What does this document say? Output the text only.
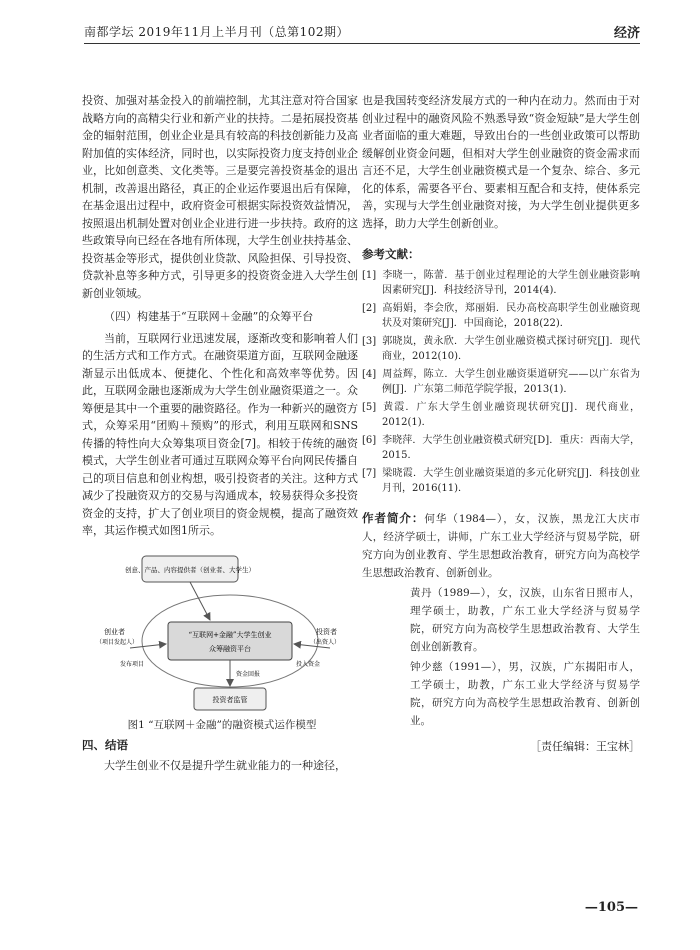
南都学坛 2019年11月上半月刊（总第102期）	经济

投资、加强对基金投入的前端控制，尤其注意对符合国家战略方向的高精尖行业和新产业的扶持。二是拓展投资基金的辐射范围，创业企业是具有较高的科技创新能力及高附加值的实体经济，同时也，以实际投资力度支持创业企业，比如创意类、文化类等。三是要完善投资基金的退出机制，改善退出路径，真正的企业运作要退出后有保障，在基金退出过程中，政府资金可根据实际投资效益情况，按照退出机制处置对创业企业进行进一步扶持。政府的这些政策导向已经在各地有所体现，大学生创业扶持基金、投资基金等形式，提供创业贷款、风险担保、引导投资、贷款补息等多种方式，引导更多的投资资金进入大学生创新创业领域。

（四）构建基于“互联网＋金融”的众筹平台

当前，互联网行业迅速发展，逐渐改变和影响着人们的生活方式和工作方式。在融资渠道方面，互联网金融逐渐显示出低成本、便捷化、个性化和高效率等优势。因此，互联网金融也逐渐成为大学生创业融资渠道之一。众筹便是其中一个重要的融资路径。作为一种新兴的融资方式，众筹采用“团购＋预购”的形式，利用互联网和SNS传播的特性向大众筹集项目资金[7]。相较于传统的融资模式，大学生创业者可通过互联网众筹平台向网民传播自己的项目信息和创业构想，吸引投资者的关注。这种方式减少了投融资双方的交易与沟通成本，较易获得众多投资资金的支持，扩大了创业项目的资金规模，提高了融资效率，其运作模式如图1所示。

创意、产品、内容提供者（创业者、大学生）
“互联网+金融”大学生创业
众筹融资平台
创业者
（项目发起人）
投资者
（出资人）
投资者监管
发布项目	投入资金
资金回报
图1 “互联网＋金融”的融资模式运作模型
四、结语

大学生创业不仅是提升学生就业能力的一种途径，

也是我国转变经济发展方式的一种内在动力。然而由于对创业过程中的融资风险不熟悉导致“资金短缺”是大学生创业者面临的重大难题，导致出台的一些创业政策可以帮助缓解创业资金问题，但相对大学生创业融资的资金需求而言还不足，大学生创业融资模式是一个复杂、综合、多元化的体系，需要各平台、要素相互配合和支持，使体系完善，实现与大学生创业融资对接，为大学生创业提供更多选择，助力大学生创新创业。

参考文献：
[1] 李晓一，陈蕾．基于创业过程理论的大学生创业融资影响因素研究[J]．科技经济导刊，2014(4)．
[2] 高娟娟，李会欣，郑丽娟．民办高校高职学生创业融资现状及对策研究[J]．中国商论，2018(22)．
[3] 郭晓岚，黄永欣．大学生创业融资模式探讨研究[J]．现代商业，2012(10)．
[4] 周益辉，陈立．大学生创业融资渠道研究——以广东省为例[J]．广东第二师范学院学报，2013(1)．
[5] 黄霞．广东大学生创业融资现状研究[J]．现代商业，2012(1)．
[6] 李晓萍．大学生创业融资模式研究[D]．重庆：西南大学，2015．
[7] 梁晓霞．大学生创业融资渠道的多元化研究[J]．科技创业月刊，2016(11)．
作者简介：何华（1984—），女，汉族，黑龙江大庆市人，经济学硕士，讲师，广东工业大学经济与贸易学院，研究方向为创业教育、学生思想政治教育，研究方向为高校学生思想政治教育、创新创业。
黄丹（1989—），女，汉族，山东省日照市人，理学硕士，助教，广东工业大学经济与贸易学院，研究方向为高校学生思想政治教育、大学生创业创新教育。
钟少慈（1991—），男，汉族，广东揭阳市人，工学硕士，助教，广东工业大学经济与贸易学院，研究方向为高校学生思想政治教育、创新创业。
［责任编辑：王宝林］
—105—
